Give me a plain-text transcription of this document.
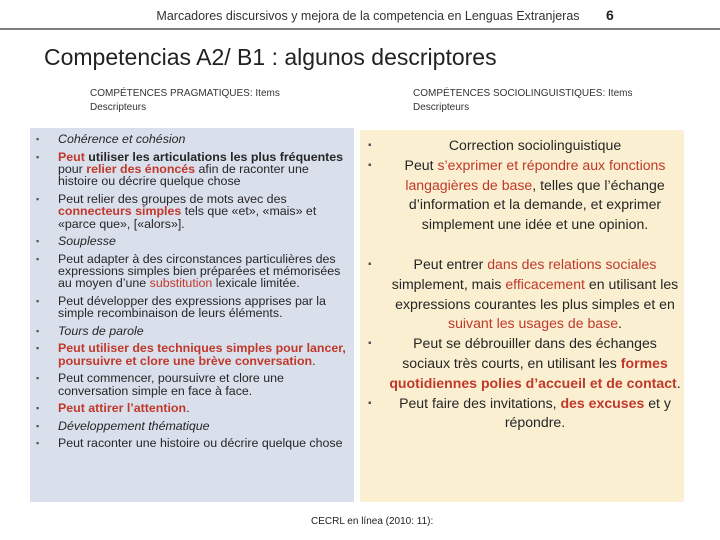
Marcadores discursivos y mejora de la competencia en Lenguas Extranjeras	6
Competencias A2/ B1 : algunos descriptores
COMPÉTENCES PRAGMATIQUES: Items Descripteurs
COMPÉTENCES SOCIOLINGUISTIQUES: Items Descripteurs
▪ Cohérence et cohésion
▪ Peut utiliser les articulations les plus fréquentes pour relier des énoncés afin de raconter une histoire ou décrire quelque chose
▪ Peut relier des groupes de mots avec des connecteurs simples tels que «et», «mais» et «parce que», [«alors»].
▪ Souplesse
▪ Peut adapter à des circonstances particulières des expressions simples bien préparées et mémorisées au moyen d’une substitution lexicale limitée.
▪ Peut développer des expressions apprises par la simple recombinaison de leurs éléments.
▪ Tours de parole
▪ Peut utiliser des techniques simples pour lancer, poursuivre et clore une brève conversation.
▪ Peut commencer, poursuivre et clore une conversation simple en face à face.
▪ Peut attirer l’attention.
▪ Développement thématique
▪ Peut raconter une histoire ou décrire quelque chose
▪	Correction sociolinguistique
▪ Peut s’exprimer et répondre aux fonctions langagières de base, telles que l’échange d’information et la demande, et exprimer simplement une idée et une opinion.
▪	Peut entrer dans des relations sociales simplement, mais efficacement en utilisant les expressions courantes les plus simples et en suivant les usages de base.
▪	Peut se débrouiller dans des échanges sociaux très courts, en utilisant les formes quotidiennes polies d’accueil et de contact.
▪ Peut faire des invitations, des excuses et y répondre.
CECRL en línea (2010: 11):
